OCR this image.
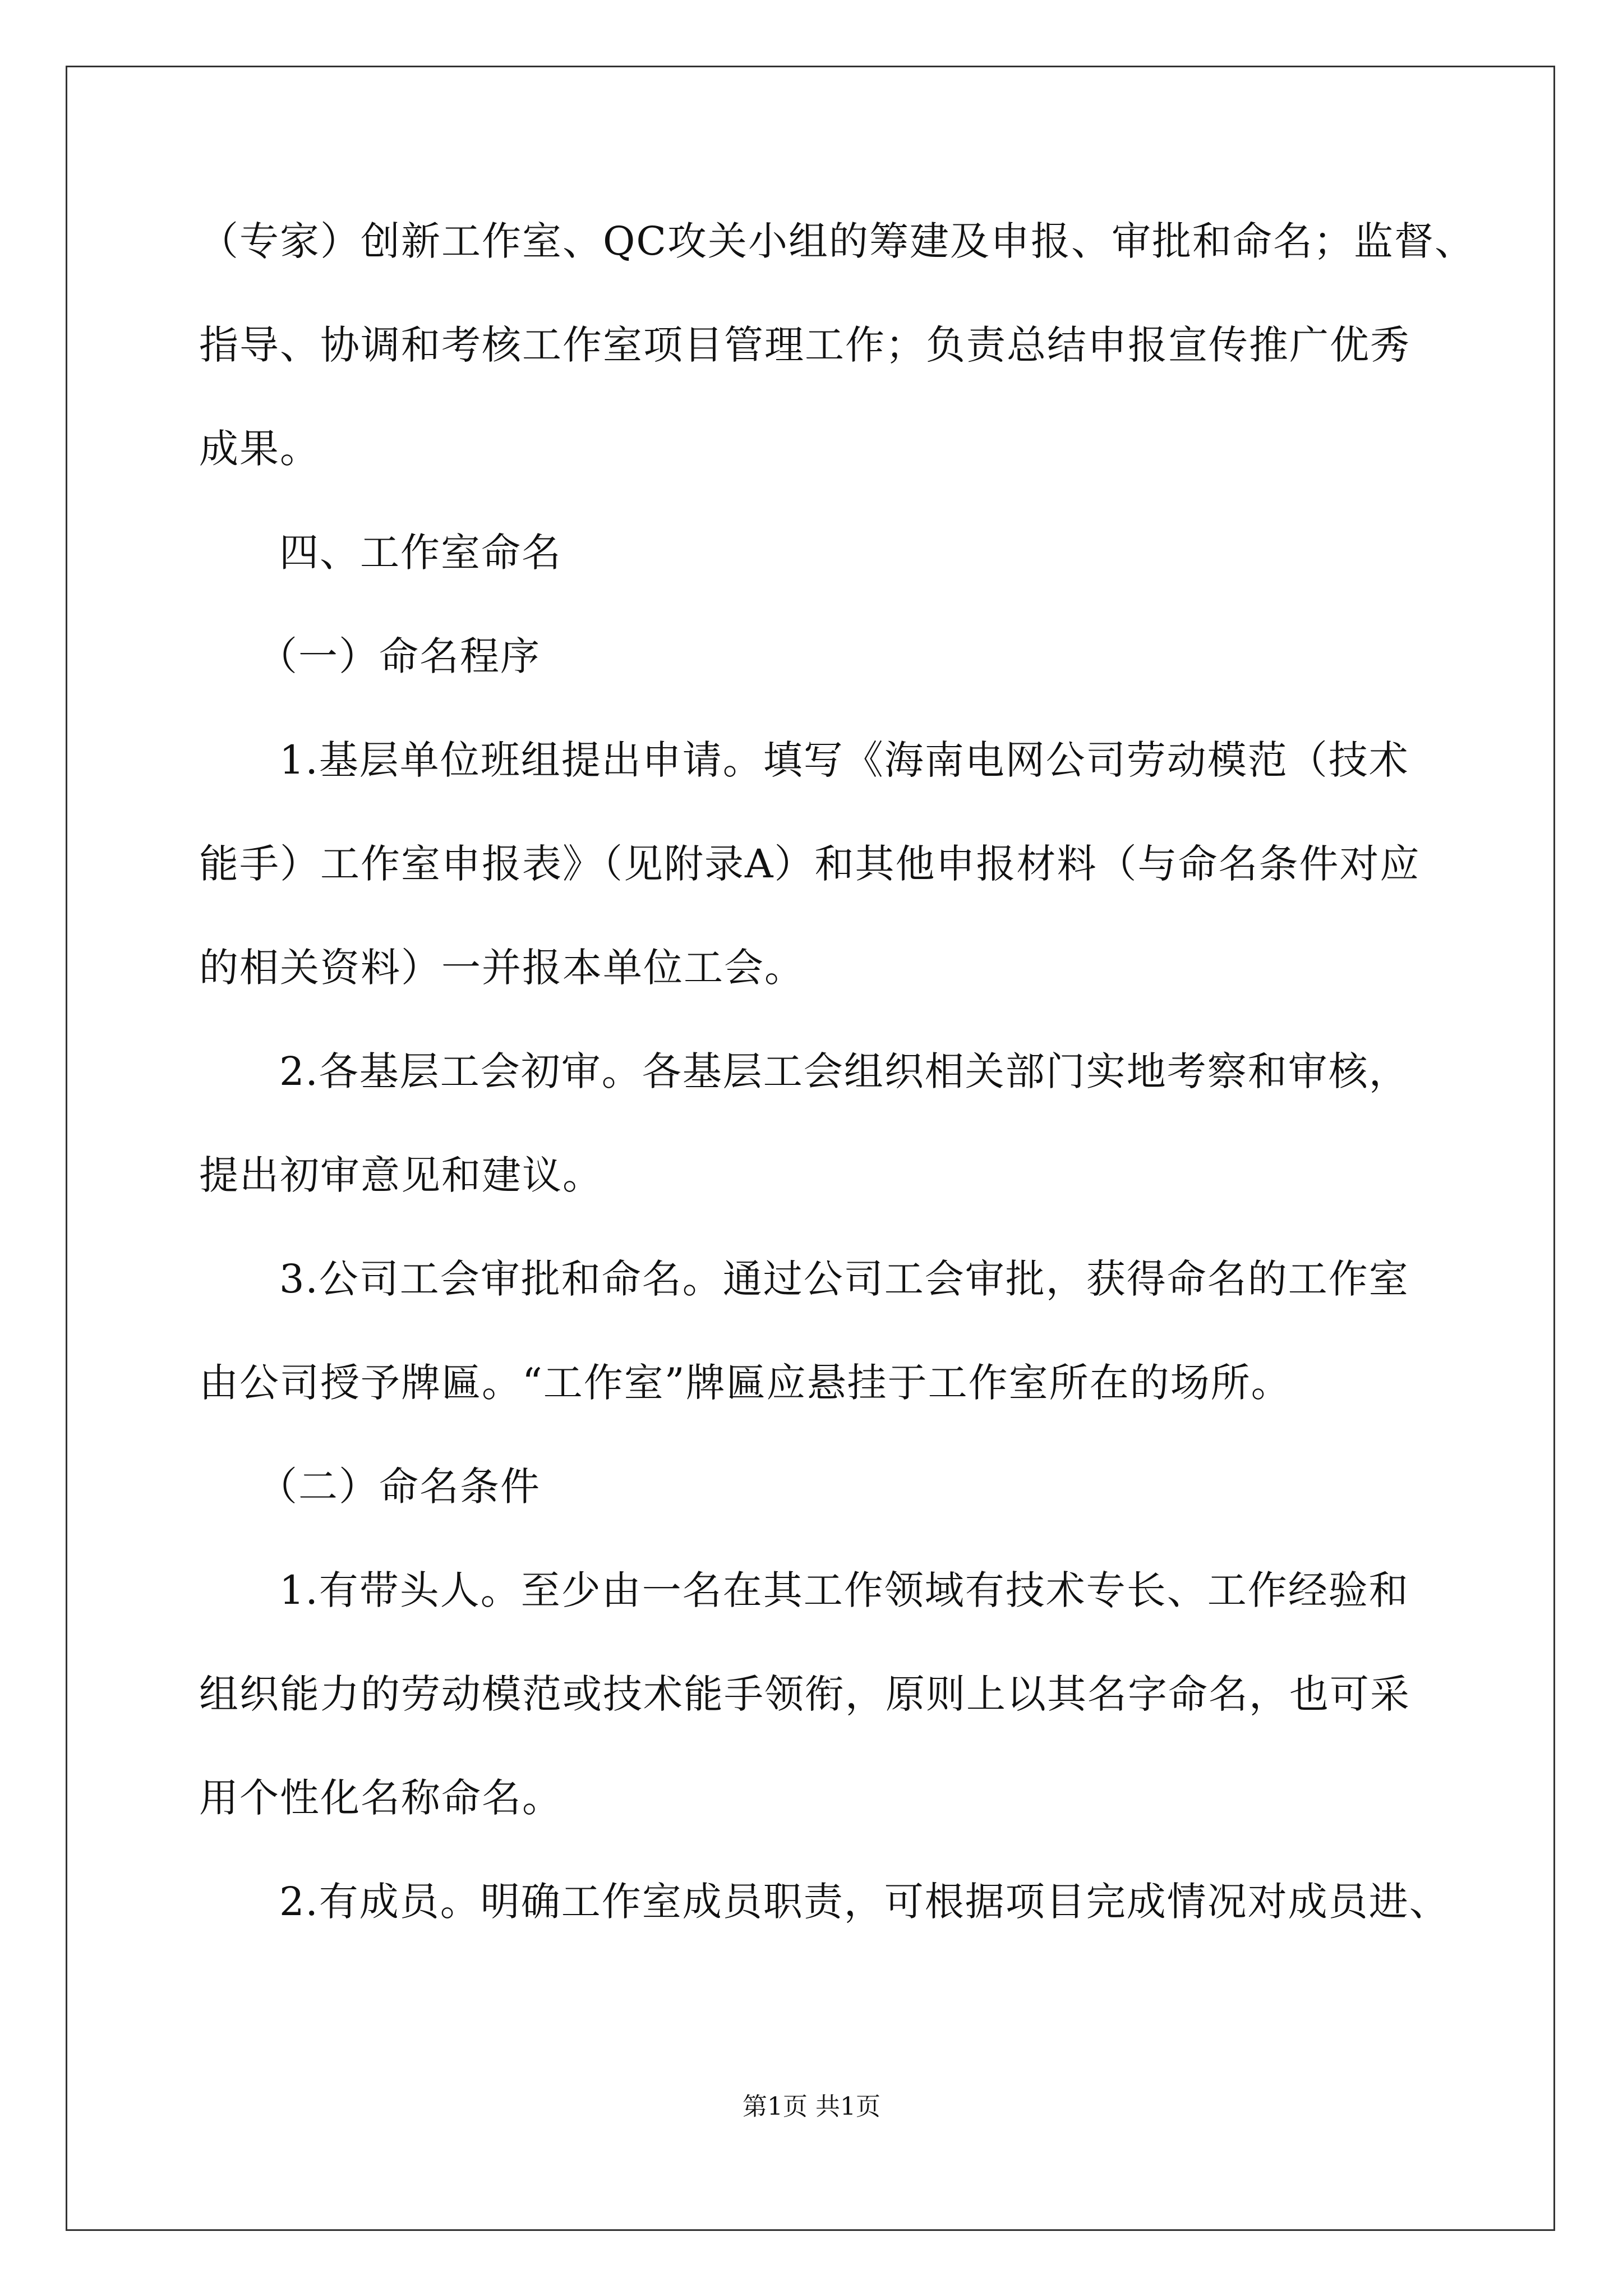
（专家）创新工作室、QC攻关小组的筹建及申报、审批和命名；监督、
指导、协调和考核工作室项目管理工作；负责总结申报宣传推广优秀
成果。
四、工作室命名
（一）命名程序
1.基层单位班组提出申请。填写《海南电网公司劳动模范（技术
能手）工作室申报表》（见附录A）和其他申报材料（与命名条件对应
的相关资料）一并报本单位工会。
2.各基层工会初审。各基层工会组织相关部门实地考察和审核，
提出初审意见和建议。
3.公司工会审批和命名。通过公司工会审批，获得命名的工作室
由公司授予牌匾。“工作室”牌匾应悬挂于工作室所在的场所。
（二）命名条件
1.有带头人。至少由一名在其工作领域有技术专长、工作经验和
组织能力的劳动模范或技术能手领衔，原则上以其名字命名，也可采
用个性化名称命名。
2.有成员。明确工作室成员职责，可根据项目完成情况对成员进、
第1页 共1页
